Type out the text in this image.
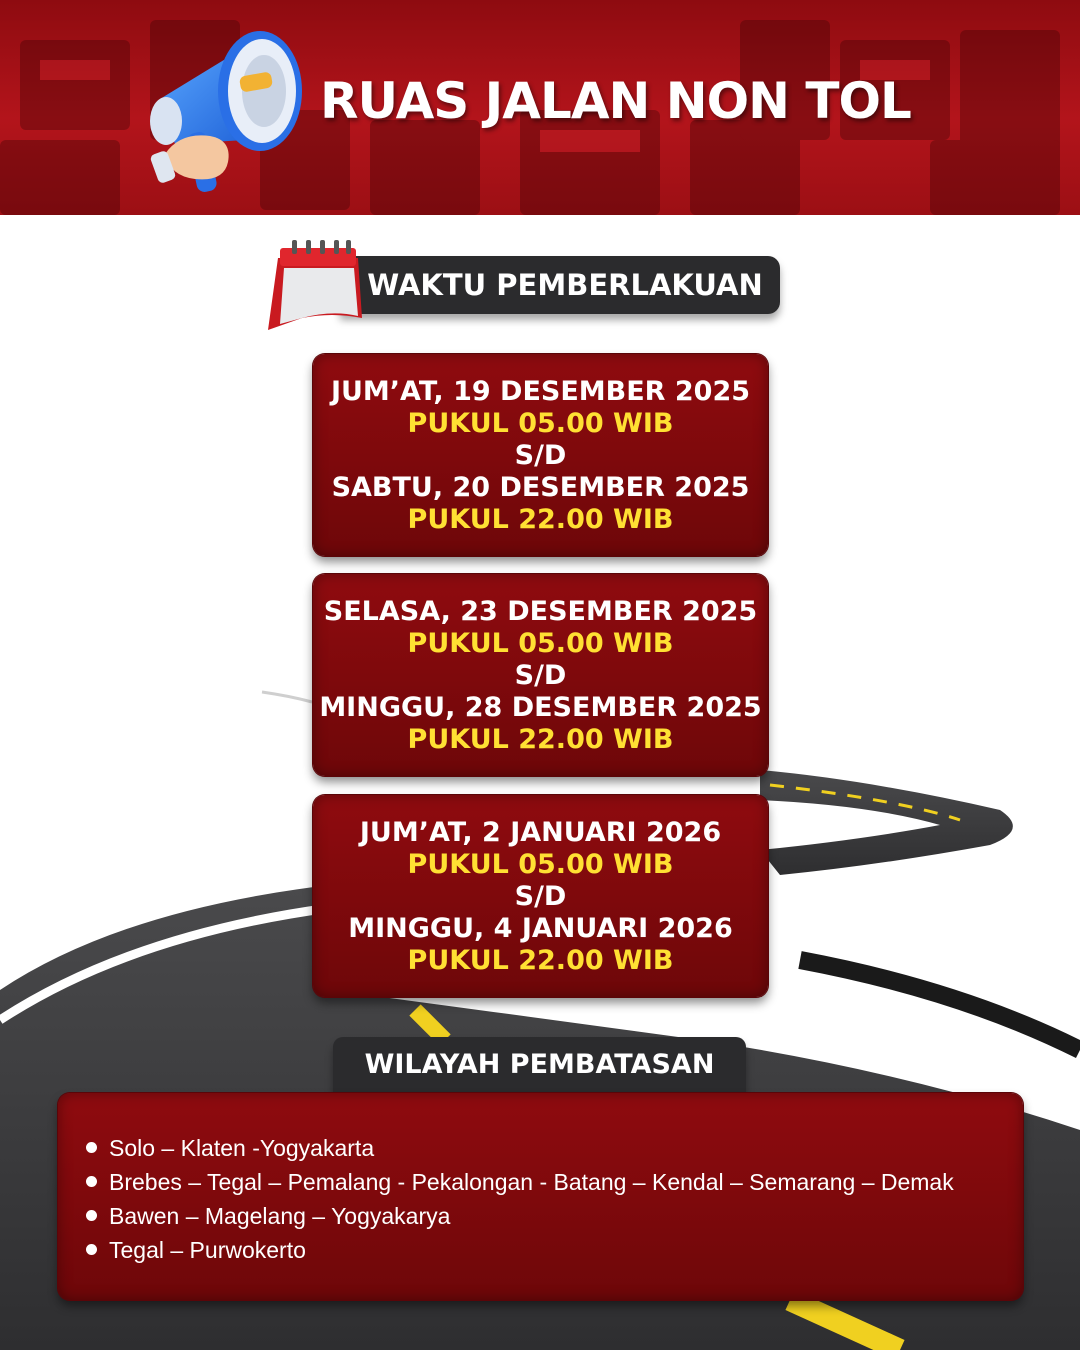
RUAS JALAN NON TOL
WAKTU PEMBERLAKUAN
JUM’AT, 19 DESEMBER 2025
PUKUL 05.00 WIB
S/D
SABTU, 20 DESEMBER 2025
PUKUL 22.00 WIB
SELASA, 23 DESEMBER 2025
PUKUL 05.00 WIB
S/D
MINGGU, 28 DESEMBER 2025
PUKUL 22.00 WIB
JUM’AT, 2 JANUARI 2026
PUKUL 05.00 WIB
S/D
MINGGU, 4 JANUARI 2026
PUKUL 22.00 WIB
WILAYAH PEMBATASAN
Solo – Klaten -Yogyakarta
Brebes – Tegal – Pemalang - Pekalongan - Batang – Kendal – Semarang – Demak
Bawen – Magelang – Yogyakarya
Tegal – Purwokerto
